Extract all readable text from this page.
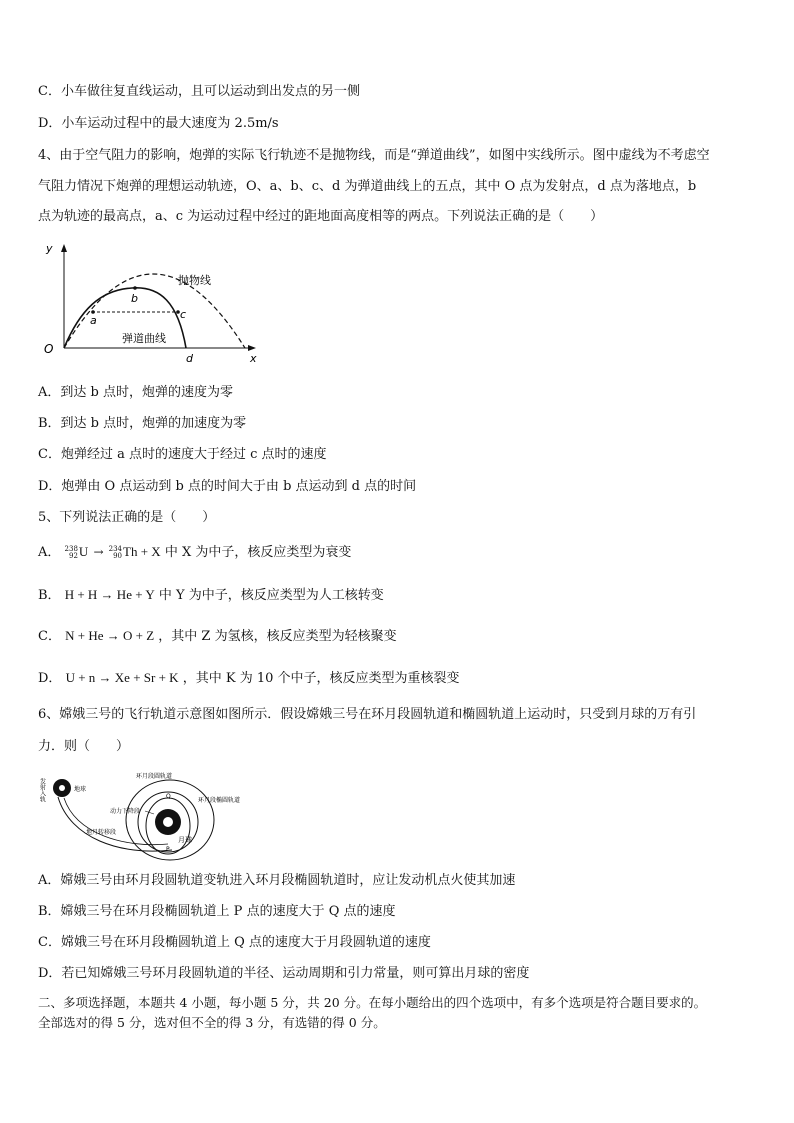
C．小车做往复直线运动，且可以运动到出发点的另一侧
D．小车运动过程中的最大速度为 2.5m/s
4、由于空气阻力的影响，炮弹的实际飞行轨迹不是抛物线，而是“弹道曲线”，如图中实线所示。图中虚线为不考虑空
气阻力情况下炮弹的理想运动轨迹，O、a、b、c、d 为弹道曲线上的五点，其中 O 点为发射点，d 点为落地点，b
点为轨迹的最高点，a、c 为运动过程中经过的距地面高度相等的两点。下列说法正确的是（　　）
y
x
O
a
b
c
d
抛物线
弹道曲线
A．到达 b 点时，炮弹的速度为零
B．到达 b 点时，炮弹的加速度为零
C．炮弹经过 a 点时的速度大于经过 c 点时的速度
D．炮弹由 O 点运动到 b 点的时间大于由 b 点运动到 d 点的时间
5、下列说法正确的是（　　）
A． 238
92 U → 234
90 Th + X 中 X 为中子，核反应类型为衰变
B． H + H → He + Y 中 Y 为中子，核反应类型为人工核转变
C． N + He → O + Z ，其中 Z 为氢核，核反应类型为轻核聚变
D． U + n → Xe + Sr + K ，其中 K 为 10 个中子，核反应类型为重核裂变
6、嫦娥三号的飞行轨道示意图如图所示．假设嫦娥三号在环月段圆轨道和椭圆轨道上运动时，只受到月球的万有引
力．则（　　）
发射入轨	地球
地月转移段
月球
Q
P
环月段圆轨道
环月段椭圆轨道
动力下降段
A．嫦娥三号由环月段圆轨道变轨进入环月段椭圆轨道时，应让发动机点火使其加速
B．嫦娥三号在环月段椭圆轨道上 P 点的速度大于 Q 点的速度
C．嫦娥三号在环月段椭圆轨道上 Q 点的速度大于月段圆轨道的速度
D．若已知嫦娥三号环月段圆轨道的半径、运动周期和引力常量，则可算出月球的密度
二、多项选择题，本题共 4 小题，每小题 5 分，共 20 分。在每小题给出的四个选项中，有多个选项是符合题目要求的。
全部选对的得 5 分，选对但不全的得 3 分，有选错的得 0 分。
